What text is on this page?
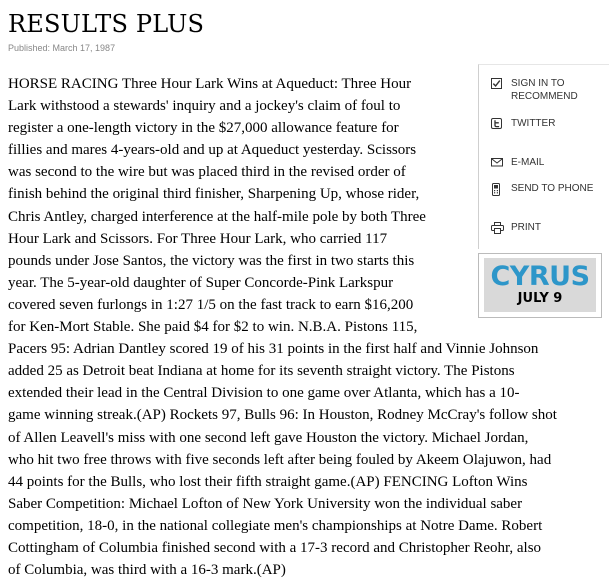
RESULTS PLUS
Published: March 17, 1987
HORSE RACING Three Hour Lark Wins at Aqueduct: Three Hour
Lark withstood a stewards' inquiry and a jockey's claim of foul to
register a one-length victory in the $27,000 allowance feature for
fillies and mares 4-years-old and up at Aqueduct yesterday. Scissors
was second to the wire but was placed third in the revised order of
finish behind the original third finisher, Sharpening Up, whose rider,
Chris Antley, charged interference at the half-mile pole by both Three
Hour Lark and Scissors. For Three Hour Lark, who carried 117
pounds under Jose Santos, the victory was the first in two starts this
year. The 5-year-old daughter of Super Concorde-Pink Larkspur
covered seven furlongs in 1:27 1/5 on the fast track to earn $16,200
for Ken-Mort Stable. She paid $4 for $2 to win. N.B.A. Pistons 115,
Pacers 95: Adrian Dantley scored 19 of his 31 points in the first half and Vinnie Johnson
added 25 as Detroit beat Indiana at home for its seventh straight victory. The Pistons
extended their lead in the Central Division to one game over Atlanta, which has a 10-
game winning streak.(AP) Rockets 97, Bulls 96: In Houston, Rodney McCray's follow shot
of Allen Leavell's miss with one second left gave Houston the victory. Michael Jordan,
who hit two free throws with five seconds left after being fouled by Akeem Olajuwon, had
44 points for the Bulls, who lost their fifth straight game.(AP) FENCING Lofton Wins
Saber Competition: Michael Lofton of New York University won the individual saber
competition, 18-0, in the national collegiate men's championships at Notre Dame. Robert
Cottingham of Columbia finished second with a 17-3 record and Christopher Reohr, also
of Columbia, was third with a 16-3 mark.(AP)
SIGN IN TO RECOMMEND
TWITTER
E-MAIL
SEND TO PHONE
PRINT
CYRUS
JULY 9
